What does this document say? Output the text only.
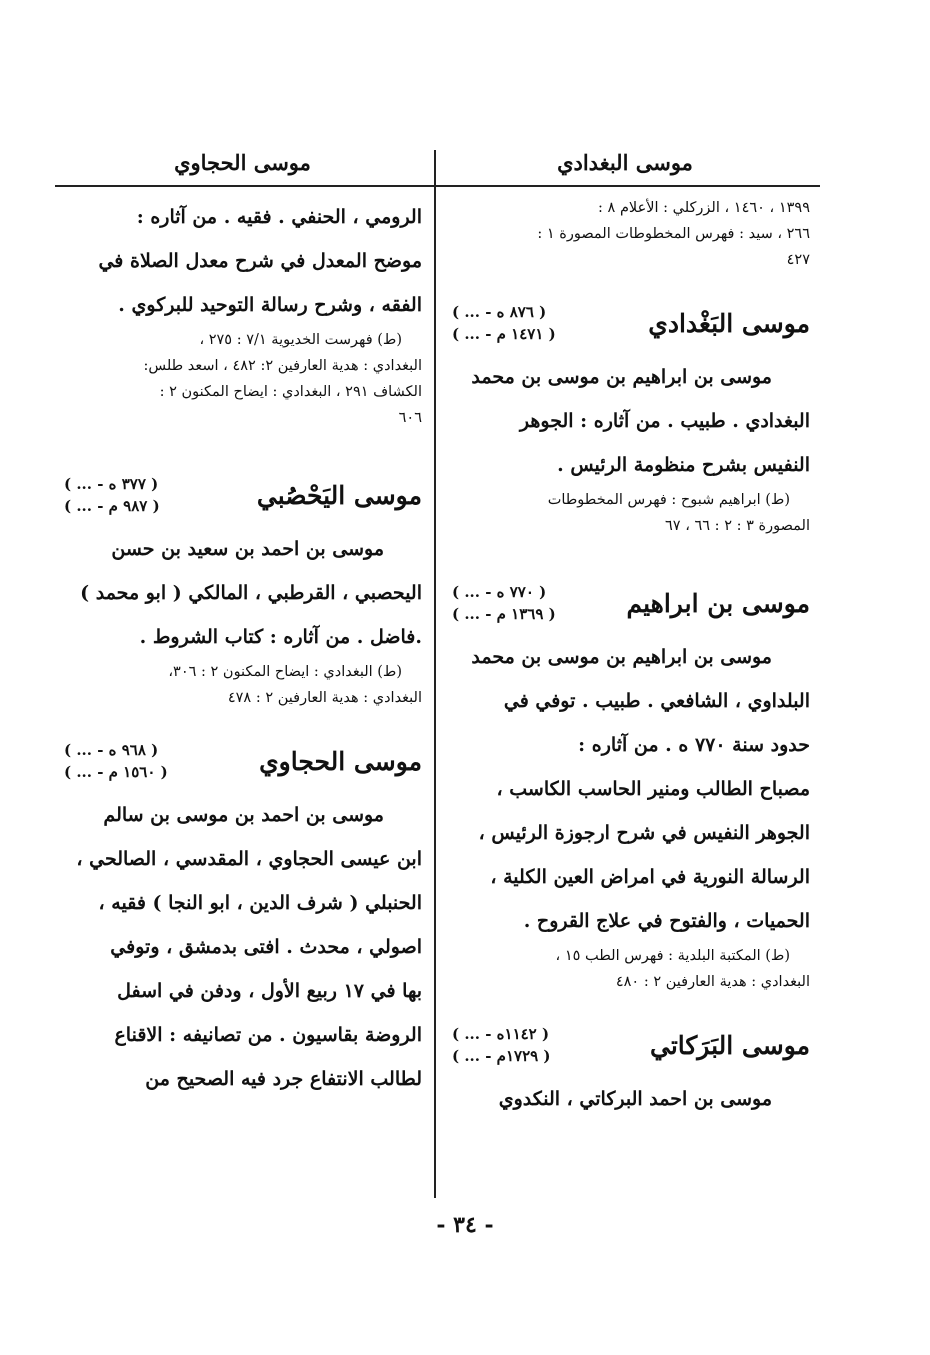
موسى البغدادي
موسى الحجاوي

١٣٩٩ ، ١٤٦٠ ، الزركلي : الأعلام ٨ :

٢٦٦ ، سيد : فهرس المخطوطات المصورة ١ :

٤٢٧

موسى البَغْدادي
( ... - ٨٧٦ ه )
( ... - ١٤٧١ م )

موسى بن ابراهيم بن موسى بن محمد

البغدادي . طبيب . من آثاره : الجوهر

النفيس بشرح منظومة الرئيس .

(ط) ابراهيم شبوح : فهرس المخطوطات

المصورة ٣ : ٢ : ٦٦ ، ٦٧

موسى بن ابراهيم
( ... - ٧٧٠ ه )
( ... - ١٣٦٩ م )

موسى بن ابراهيم بن موسى بن محمد

البلداوي ، الشافعي . طبيب . توفي في

حدود سنة ٧٧٠ ه . من آثاره :

مصباح الطالب ومنير الحاسب الكاسب ،

الجوهر النفيس في شرح ارجوزة الرئيس ،

الرسالة النورية في امراض العين الكلية ،

الحميات ، والفتوح في علاج القروح .

(ط) المكتبة البلدية : فهرس الطب ١٥ ،

البغدادي : هدية العارفين ٢ : ٤٨٠

موسى البَرَكاتي
( ... - ١١٤٢ه )
( ... - ١٧٢٩م )

موسى بن احمد البركاتي ، النكدوي

الرومي ، الحنفي . فقيه . من آثاره :

موضح المعدل في شرح معدل الصلاة في

الفقه ، وشرح رسالة التوحيد للبركوي .

(ط) فهرست الخديوية ٧/١ : ٢٧٥ ،

البغدادي : هدية العارفين ٢: ٤٨٢ ، اسعد طلس:

الكشاف ٢٩١ ، البغدادي : ايضاح المكنون ٢ :

٦٠٦

موسى اليَحْصُبي
( ... - ٣٧٧ ه )
( ... - ٩٨٧ م )

موسى بن احمد بن سعيد بن حسن

اليحصبي ، القرطبي ، المالكي ( ابو محمد )

.فاضل . من آثاره : كتاب الشروط .

(ط) البغدادي : ايضاح المكنون ٢ : ٣٠٦،

البغدادي : هدية العارفين ٢ : ٤٧٨

موسى الحجاوي
( ... - ٩٦٨ ه )
( ... - ١٥٦٠ م )

موسى بن احمد بن موسى بن سالم

ابن عيسى الحجاوي ، المقدسي ، الصالحي ،

الحنبلي ( شرف الدين ، ابو النجا ) فقيه ،

اصولي ، محدث . افتى بدمشق ، وتوفي

بها في ١٧ ربيع الأول ، ودفن في اسفل

الروضة بقاسيون . من تصانيفه : الاقناع

لطالب الانتفاع جرد فيه الصحيح من

- ٣٤ -
